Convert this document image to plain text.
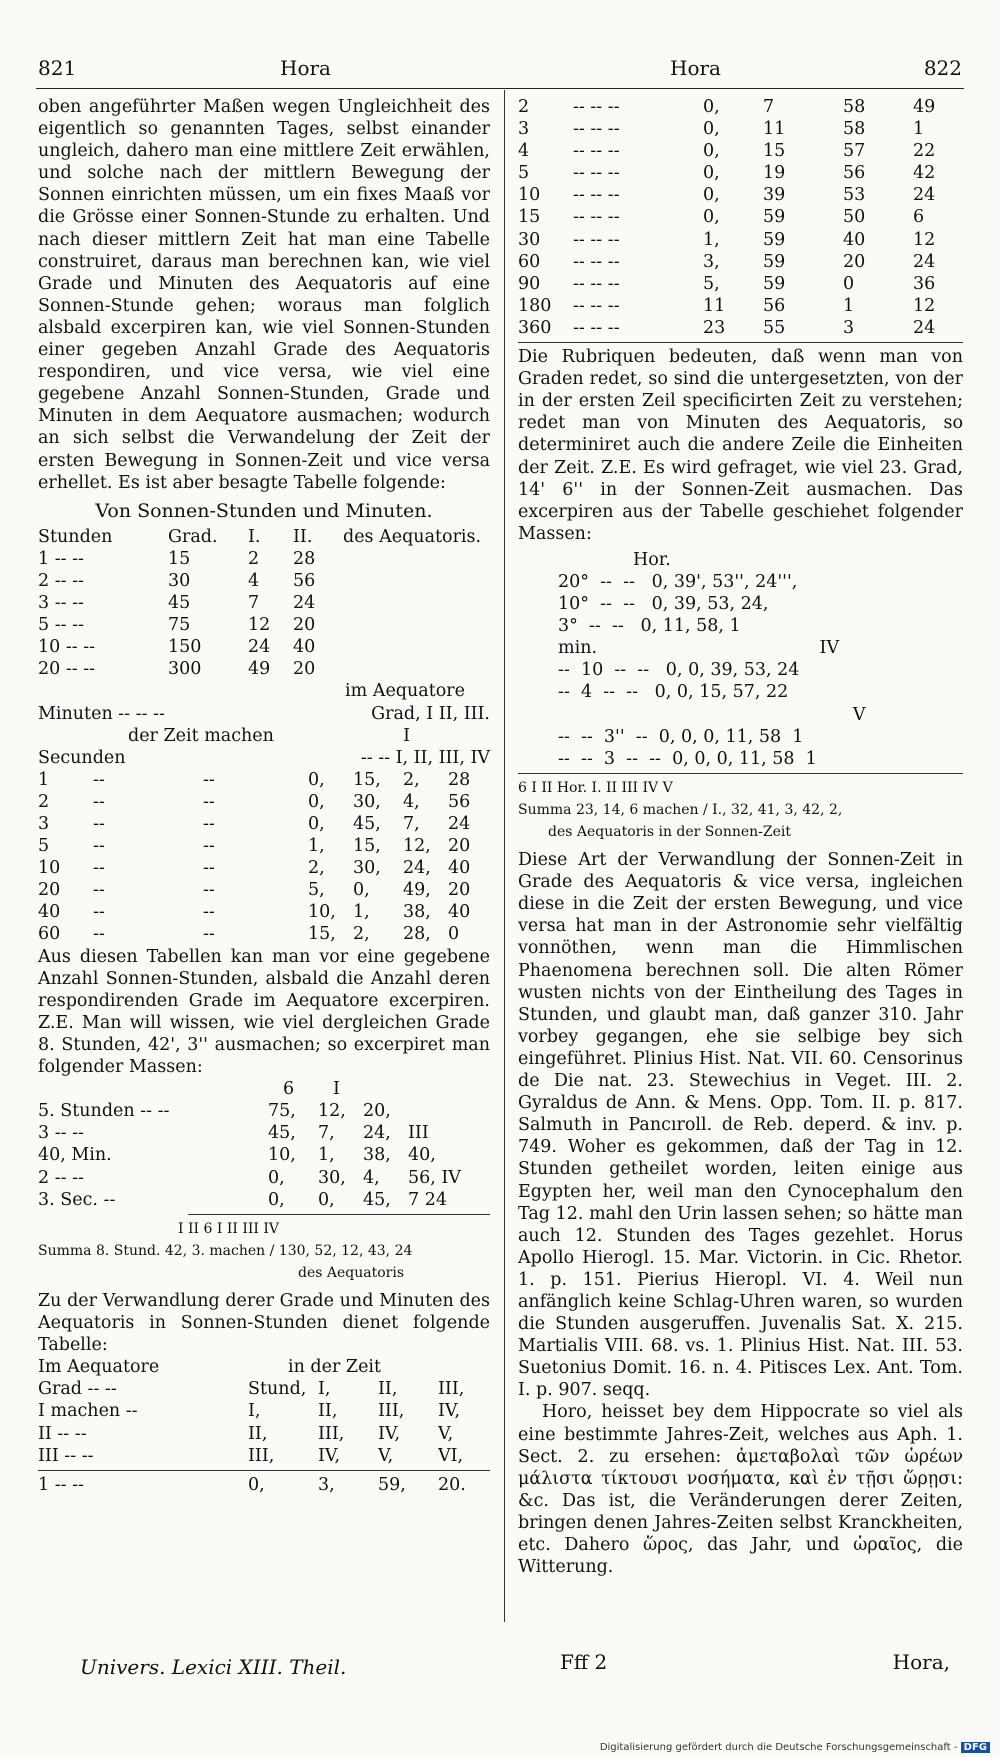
821	Hora	Hora	822

oben angeführter Maßen wegen Ungleichheit des eigentlich so genannten Tages, selbst einander ungleich, dahero man eine mittlere Zeit erwählen, und solche nach der mittlern Bewegung der Sonnen einrichten müssen, um ein fixes Maaß vor die Grösse einer Sonnen-Stunde zu erhalten. Und nach dieser mittlern Zeit hat man eine Tabelle construiret, daraus man berechnen kan, wie viel Grade und Minuten des Aequatoris auf eine Sonnen-Stunde gehen; woraus man folglich alsbald excerpiren kan, wie viel Sonnen-Stunden einer gegeben Anzahl Grade des Aequatoris respondiren, und vice versa, wie viel eine gegebene Anzahl Sonnen-Stunden, Grade und Minuten in dem Aequatore ausmachen; wodurch an sich selbst die Verwandelung der Zeit der ersten Bewegung in Sonnen-Zeit und vice versa erhellet. Es ist aber besagte Tabelle folgende:

Von Sonnen-Stunden und Minuten.
Stunden	Grad.	I.	II.	des Aequatoris.
1 -- --	15	2	28
2 -- --	30	4	56
3 -- --	45	7	24
5 -- --	75	12	20
10 -- --	150	24	40
20 -- --	300	49	20
im Aequatore
Minuten -- -- --	Grad, I II, III.
der Zeit machen	I
Secunden	-- -- I, II, III, IV
1	--	--	0,	15,	2,	28
2	--	--	0,	30,	4,	56
3	--	--	0,	45,	7,	24
5	--	--	1,	15,	12, 20
10	--	--	2,	30,	24, 40
20	--	--	5,	0,	49, 20
40	--	--	10, 1,	38, 40
60	--	--	15, 2,	28, 0

Aus diesen Tabellen kan man vor eine gegebene Anzahl Sonnen-Stunden, alsbald die Anzahl deren respondirenden Grade im Aequatore excerpiren. Z.E. Man will wissen, wie viel dergleichen Grade 8. Stunden, 42', 3'' ausmachen; so excerpiret man folgender Massen:

6	I
5. Stunden -- --	75,	12, 20,
3 -- --	45,	7,	24, III
40, Min.	10,	1,	38, 40,
2 -- --	0,	30, 4,	56, IV
3. Sec. --	0,	0,	45, 7 24
I II 6 I II III IV
Summa 8. Stund. 42, 3. machen / 130, 52, 12, 43, 24
des Aequatoris

Zu der Verwandlung derer Grade und Minuten des Aequatoris in Sonnen-Stunden dienet folgende Tabelle:

Im Aequatore	in der Zeit
Grad -- --	Stund, I,	II,	III,
I machen --	I,	II,	III,	IV,
II -- --	II,	III,	IV,	V,
III -- --	III,	IV,	V,	VI,
1 -- --	0,	3,	59,	20.
2	-- -- --	0,	7	58	49
3	-- -- --	0,	11	58	1
4	-- -- --	0,	15	57	22
5	-- -- --	0,	19	56	42
10	-- -- --	0,	39	53	24
15	-- -- --	0,	59	50	6
30	-- -- --	1,	59	40	12
60	-- -- --	3,	59	20	24
90	-- -- --	5,	59	0	36
180	-- -- --	11	56	1	12
360	-- -- --	23	55	3	24

Die Rubriquen bedeuten, daß wenn man von Graden redet, so sind die untergesetzten, von der in der ersten Zeil specificirten Zeit zu verstehen; redet man von Minuten des Aequatoris, so determiniret auch die andere Zeile die Einheiten der Zeit. Z.E. Es wird gefraget, wie viel 23. Grad, 14' 6'' in der Sonnen-Zeit ausmachen. Das excerpiren aus der Tabelle geschiehet folgender Massen:

Hor.
20°  --  --   0, 39', 53'', 24''',
10°  --  --   0, 39, 53, 24,
3°  --  --   0, 11, 58, 1
min.                                        IV
--  10  --  --   0, 0, 39, 53, 24
--  4  --  --   0, 0, 15, 57, 22
V
--  --  3''  --  0, 0, 0, 11, 58  1
--  --  3  --  --  0, 0, 0, 11, 58  1
6 I II Hor. I. II III IV V
Summa 23, 14, 6 machen / I., 32, 41, 3, 42, 2,
des Aequatoris in der Sonnen-Zeit

Diese Art der Verwandlung der Sonnen-Zeit in Grade des Aequatoris & vice versa, ingleichen diese in die Zeit der ersten Bewegung, und vice versa hat man in der Astronomie sehr vielfältig vonnöthen, wenn man die Himmlischen Phaenomena berechnen soll. Die alten Römer wusten nichts von der Eintheilung des Tages in Stunden, und glaubt man, daß ganzer 310. Jahr vorbey gegangen, ehe sie selbige bey sich eingeführet. Plinius Hist. Nat. VII. 60. Censorinus de Die nat. 23. Stewechius in Veget. III. 2. Gyraldus de Ann. & Mens. Opp. Tom. II. p. 817. Salmuth in Pancıroll. de Reb. deperd. & inv. p. 749. Woher es gekommen, daß der Tag in 12. Stunden getheilet worden, leiten einige aus Egypten her, weil man den Cynocephalum den Tag 12. mahl den Urin lassen sehen; so hätte man auch 12. Stunden des Tages gezehlet. Horus Apollo Hierogl. 15. Mar. Victorin. in Cic. Rhetor. 1. p. 151. Pierius Hieropl. VI. 4. Weil nun anfänglich keine Schlag-Uhren waren, so wurden die Stunden ausgeruffen. Juvenalis Sat. X. 215. Martialis VIII. 68. vs. 1. Plinius Hist. Nat. III. 53. Suetonius Domit. 16. n. 4. Pitisces Lex. Ant. Tom. I. p. 907. seqq.

Horo, heisset bey dem Hippocrate so viel als eine bestimmte Jahres-Zeit, welches aus Aph. 1. Sect. 2. zu ersehen: ἀμεταβολαὶ τῶν ὡρέων μάλιστα τίκτουσι νοσήματα, καὶ ἐν τῇσι ὥρῃσι: &c. Das ist, die Veränderungen derer Zeiten, bringen denen Jahres-Zeiten selbst Kranckheiten, etc. Dahero ὥρος, das Jahr, und ὡραῖος, die Witterung.

Univers. Lexici XIII. Theil.	Fff 2	Hora,
Digitalisierung gefördert durch die Deutsche Forschungsgemeinschaft - DFG
